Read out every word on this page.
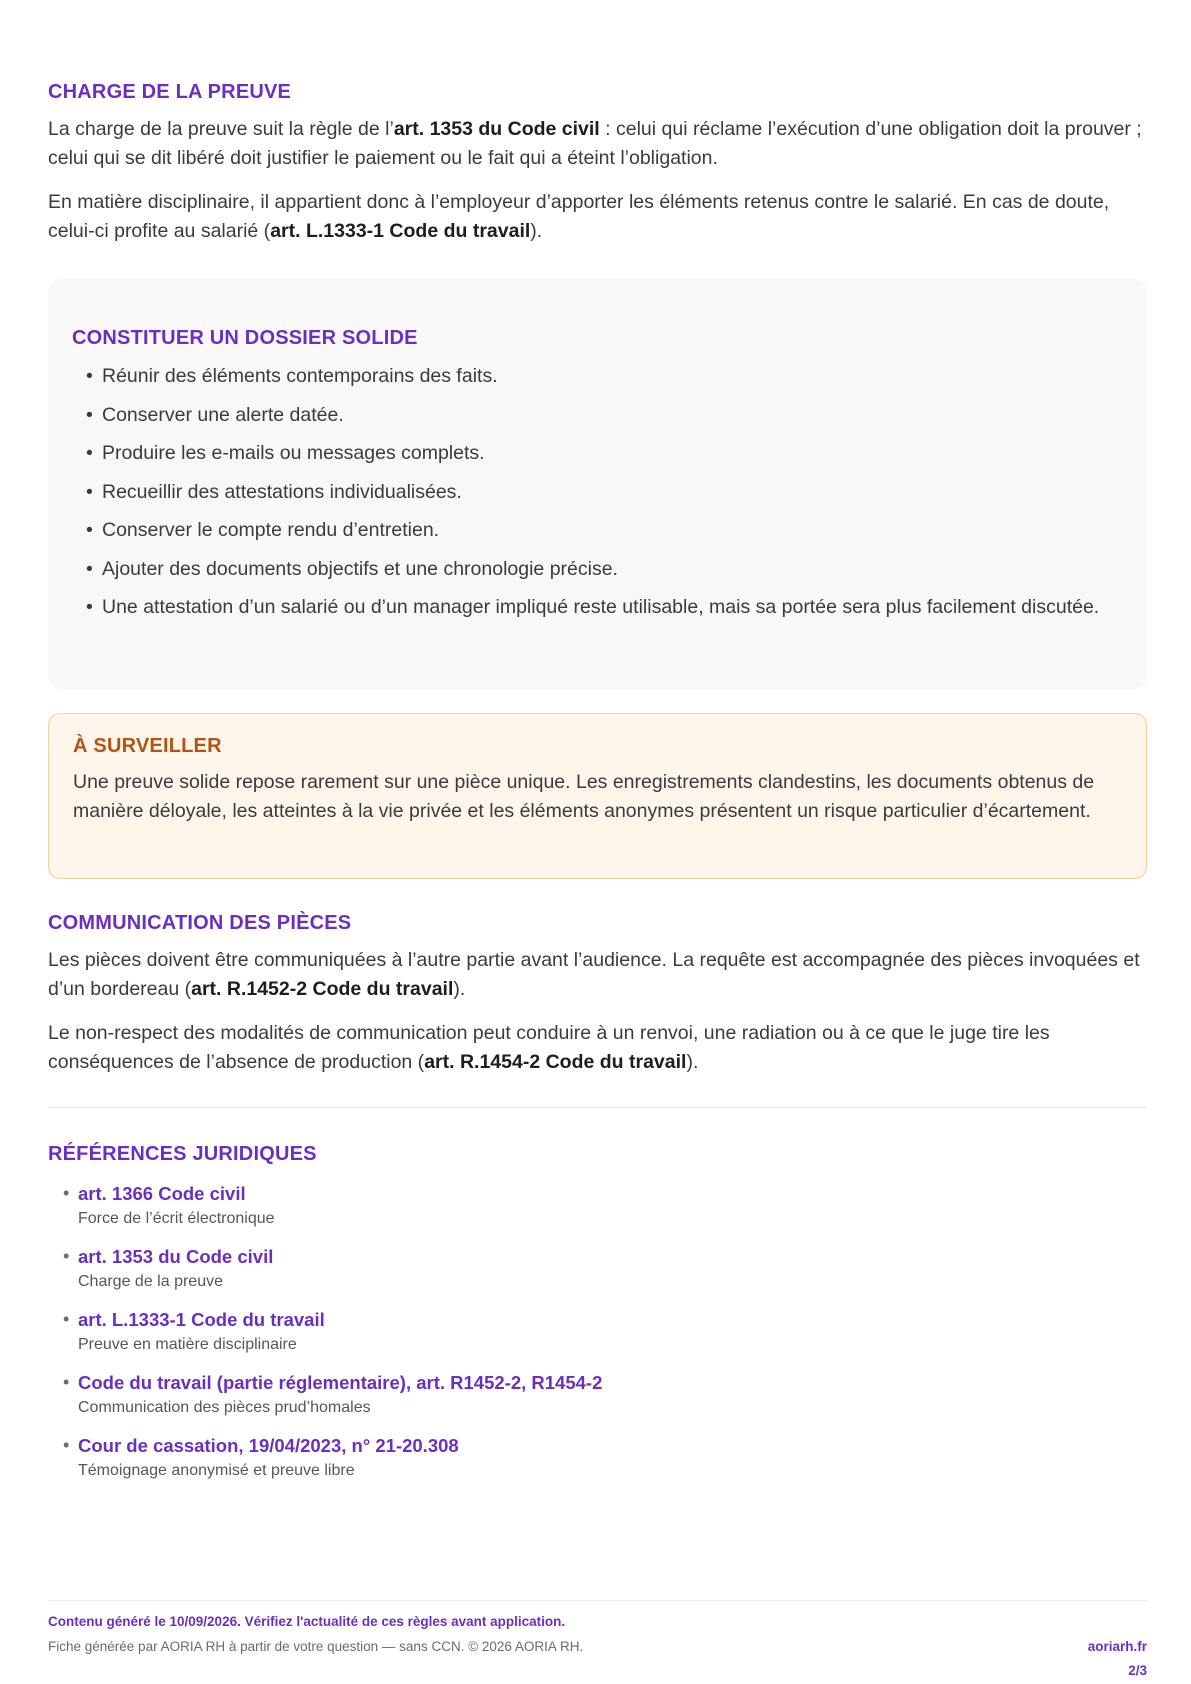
CHARGE DE LA PREUVE

La charge de la preuve suit la règle de l’art. 1353 du Code civil : celui qui réclame l’exécution d’une obligation doit la prouver ; celui qui se dit libéré doit justifier le paiement ou le fait qui a éteint l’obligation.

En matière disciplinaire, il appartient donc à l’employeur d’apporter les éléments retenus contre le salarié. En cas de doute, celui-ci profite au salarié (art. L.1333-1 Code du travail).

CONSTITUER UN DOSSIER SOLIDE
• Réunir des éléments contemporains des faits.
• Conserver une alerte datée.
• Produire les e-mails ou messages complets.
• Recueillir des attestations individualisées.
• Conserver le compte rendu d’entretien.
• Ajouter des documents objectifs et une chronologie précise.
• Une attestation d’un salarié ou d’un manager impliqué reste utilisable, mais sa portée sera plus facilement discutée.
À SURVEILLER

Une preuve solide repose rarement sur une pièce unique. Les enregistrements clandestins, les documents obtenus de manière déloyale, les atteintes à la vie privée et les éléments anonymes présentent un risque particulier d’écartement.

COMMUNICATION DES PIÈCES

Les pièces doivent être communiquées à l’autre partie avant l’audience. La requête est accompagnée des pièces invoquées et d’un bordereau (art. R.1452-2 Code du travail).

Le non-respect des modalités de communication peut conduire à un renvoi, une radiation ou à ce que le juge tire les conséquences de l’absence de production (art. R.1454-2 Code du travail).

RÉFÉRENCES JURIDIQUES
• art. 1366 Code civil
Force de l’écrit électronique
• art. 1353 du Code civil
Charge de la preuve
• art. L.1333-1 Code du travail
Preuve en matière disciplinaire
• Code du travail (partie réglementaire), art. R1452-2, R1454-2
Communication des pièces prud’homales
• Cour de cassation, 19/04/2023, n° 21-20.308
Témoignage anonymisé et preuve libre
Contenu généré le 10/09/2026. Vérifiez l'actualité de ces règles avant application.
Fiche générée par AORIA RH à partir de votre question — sans CCN. © 2026 AORIA RH.	aoriarh.fr
2/3
